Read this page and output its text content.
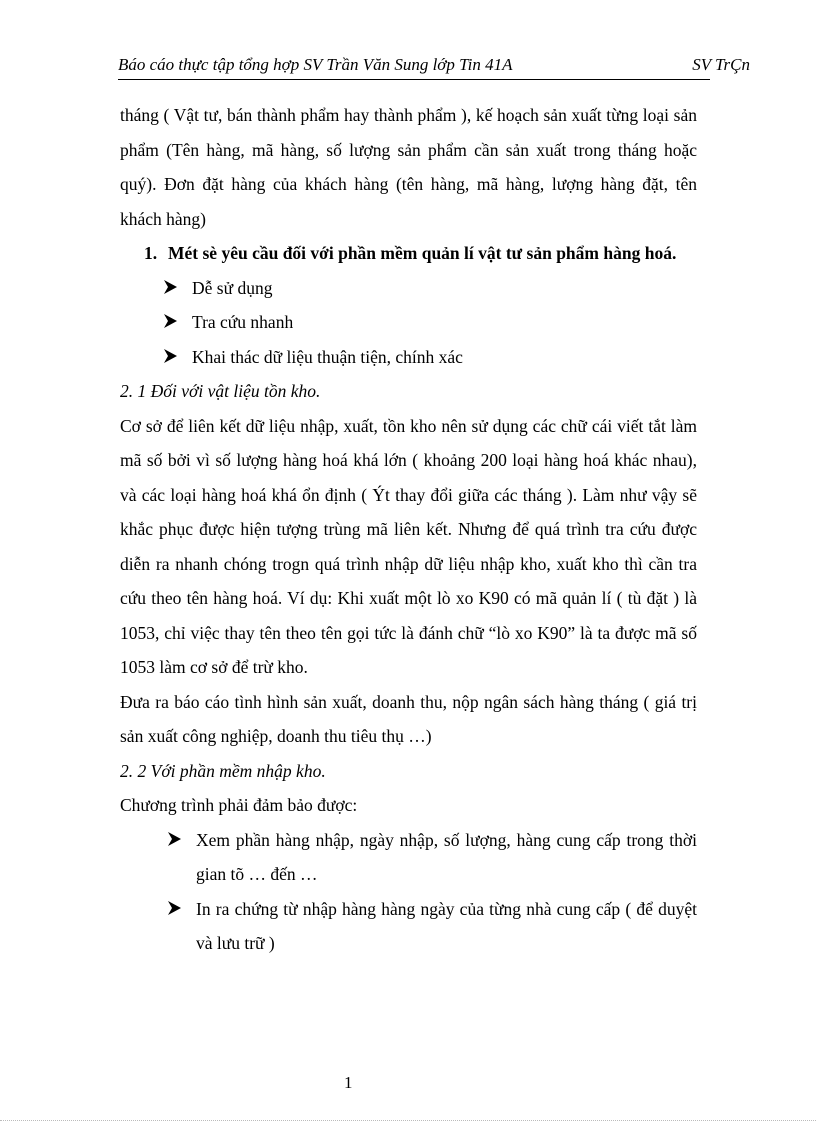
Báo cáo thực tập tổng hợp SV Trần Văn Sung lớp Tin 41A	SV TrÇn

tháng ( Vật tư, bán thành phẩm hay thành phẩm ), kế hoạch sản xuất từng loại sản phẩm (Tên hàng, mã hàng, số lượng sản phẩm cần sản xuất trong tháng hoặc quý). Đơn đặt hàng của khách hàng (tên hàng, mã hàng, lượng hàng đặt, tên khách hàng)

1. Mét sè yêu cầu đối với phần mềm quản lí vật tư sản phẩm hàng hoá.
Dễ sử dụng
Tra cứu nhanh
Khai thác dữ liệu thuận tiện, chính xác

2. 1 Đối với vật liệu tồn kho.

Cơ sở để liên kết dữ liệu nhập, xuất, tồn kho nên sử dụng các chữ cái viết tắt làm mã số bởi vì số lượng hàng hoá khá lớn ( khoảng 200 loại hàng hoá khác nhau), và các loại hàng hoá khá ổn định ( Ýt thay đổi giữa các tháng ). Làm như vậy sẽ khắc phục được hiện tượng trùng mã liên kết. Nhưng để quá trình tra cứu được diễn ra nhanh chóng trogn quá trình nhập dữ liệu nhập kho, xuất kho thì cần tra cứu theo tên hàng hoá. Ví dụ: Khi xuất một lò xo K90 có mã quản lí ( tù đặt ) là 1053, chỉ việc thay tên theo tên gọi tức là đánh chữ “lò xo K90” là ta được mã số 1053 làm cơ sở để trừ kho.

Đưa ra báo cáo tình hình sản xuất, doanh thu, nộp ngân sách hàng tháng ( giá trị sản xuất công nghiệp, doanh thu tiêu thụ …)

2. 2 Với phần mềm nhập kho.

Chương trình phải đảm bảo được:

Xem phần hàng nhập, ngày nhập, số lượng, hàng cung cấp trong thời gian tõ … đến …
In ra chứng từ nhập hàng hàng ngày của từng nhà cung cấp ( để duyệt và lưu trữ )
1
